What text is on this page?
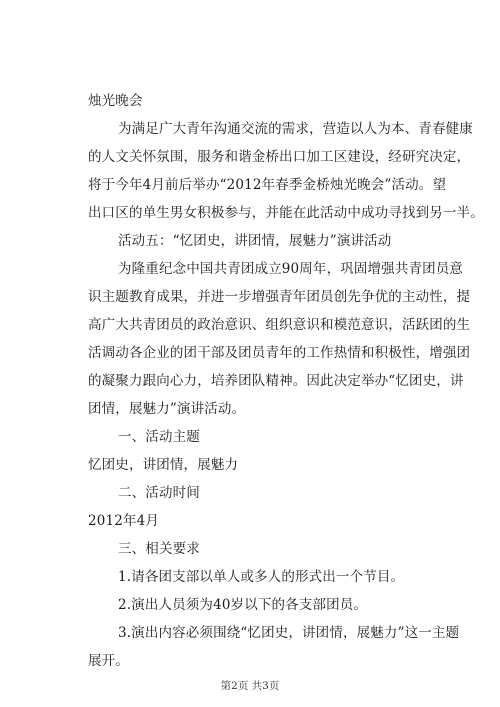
烛光晚会
为满足广大青年沟通交流的需求，营造以人为本、青春健康
的人文关怀氛围，服务和谐金桥出口加工区建设，经研究决定，
将于今年4月前后举办“2012年春季金桥烛光晚会”活动。望
出口区的单生男女积极参与，并能在此活动中成功寻找到另一半。
活动五：“忆团史，讲团情，展魅力”演讲活动
为隆重纪念中国共青团成立90周年，巩固增强共青团员意
识主题教育成果，并进一步增强青年团员创先争优的主动性，提
高广大共青团员的政治意识、组织意识和模范意识，活跃团的生
活调动各企业的团干部及团员青年的工作热情和积极性，增强团
的凝聚力跟向心力，培养团队精神。因此决定举办“忆团史，讲
团情，展魅力”演讲活动。
一、活动主题
忆团史，讲团情，展魅力
二、活动时间
2012年4月
三、相关要求
1.请各团支部以单人或多人的形式出一个节目。
2.演出人员须为40岁以下的各支部团员。
3.演出内容必须围绕“忆团史，讲团情，展魅力”这一主题
展开。
第2页 共3页
